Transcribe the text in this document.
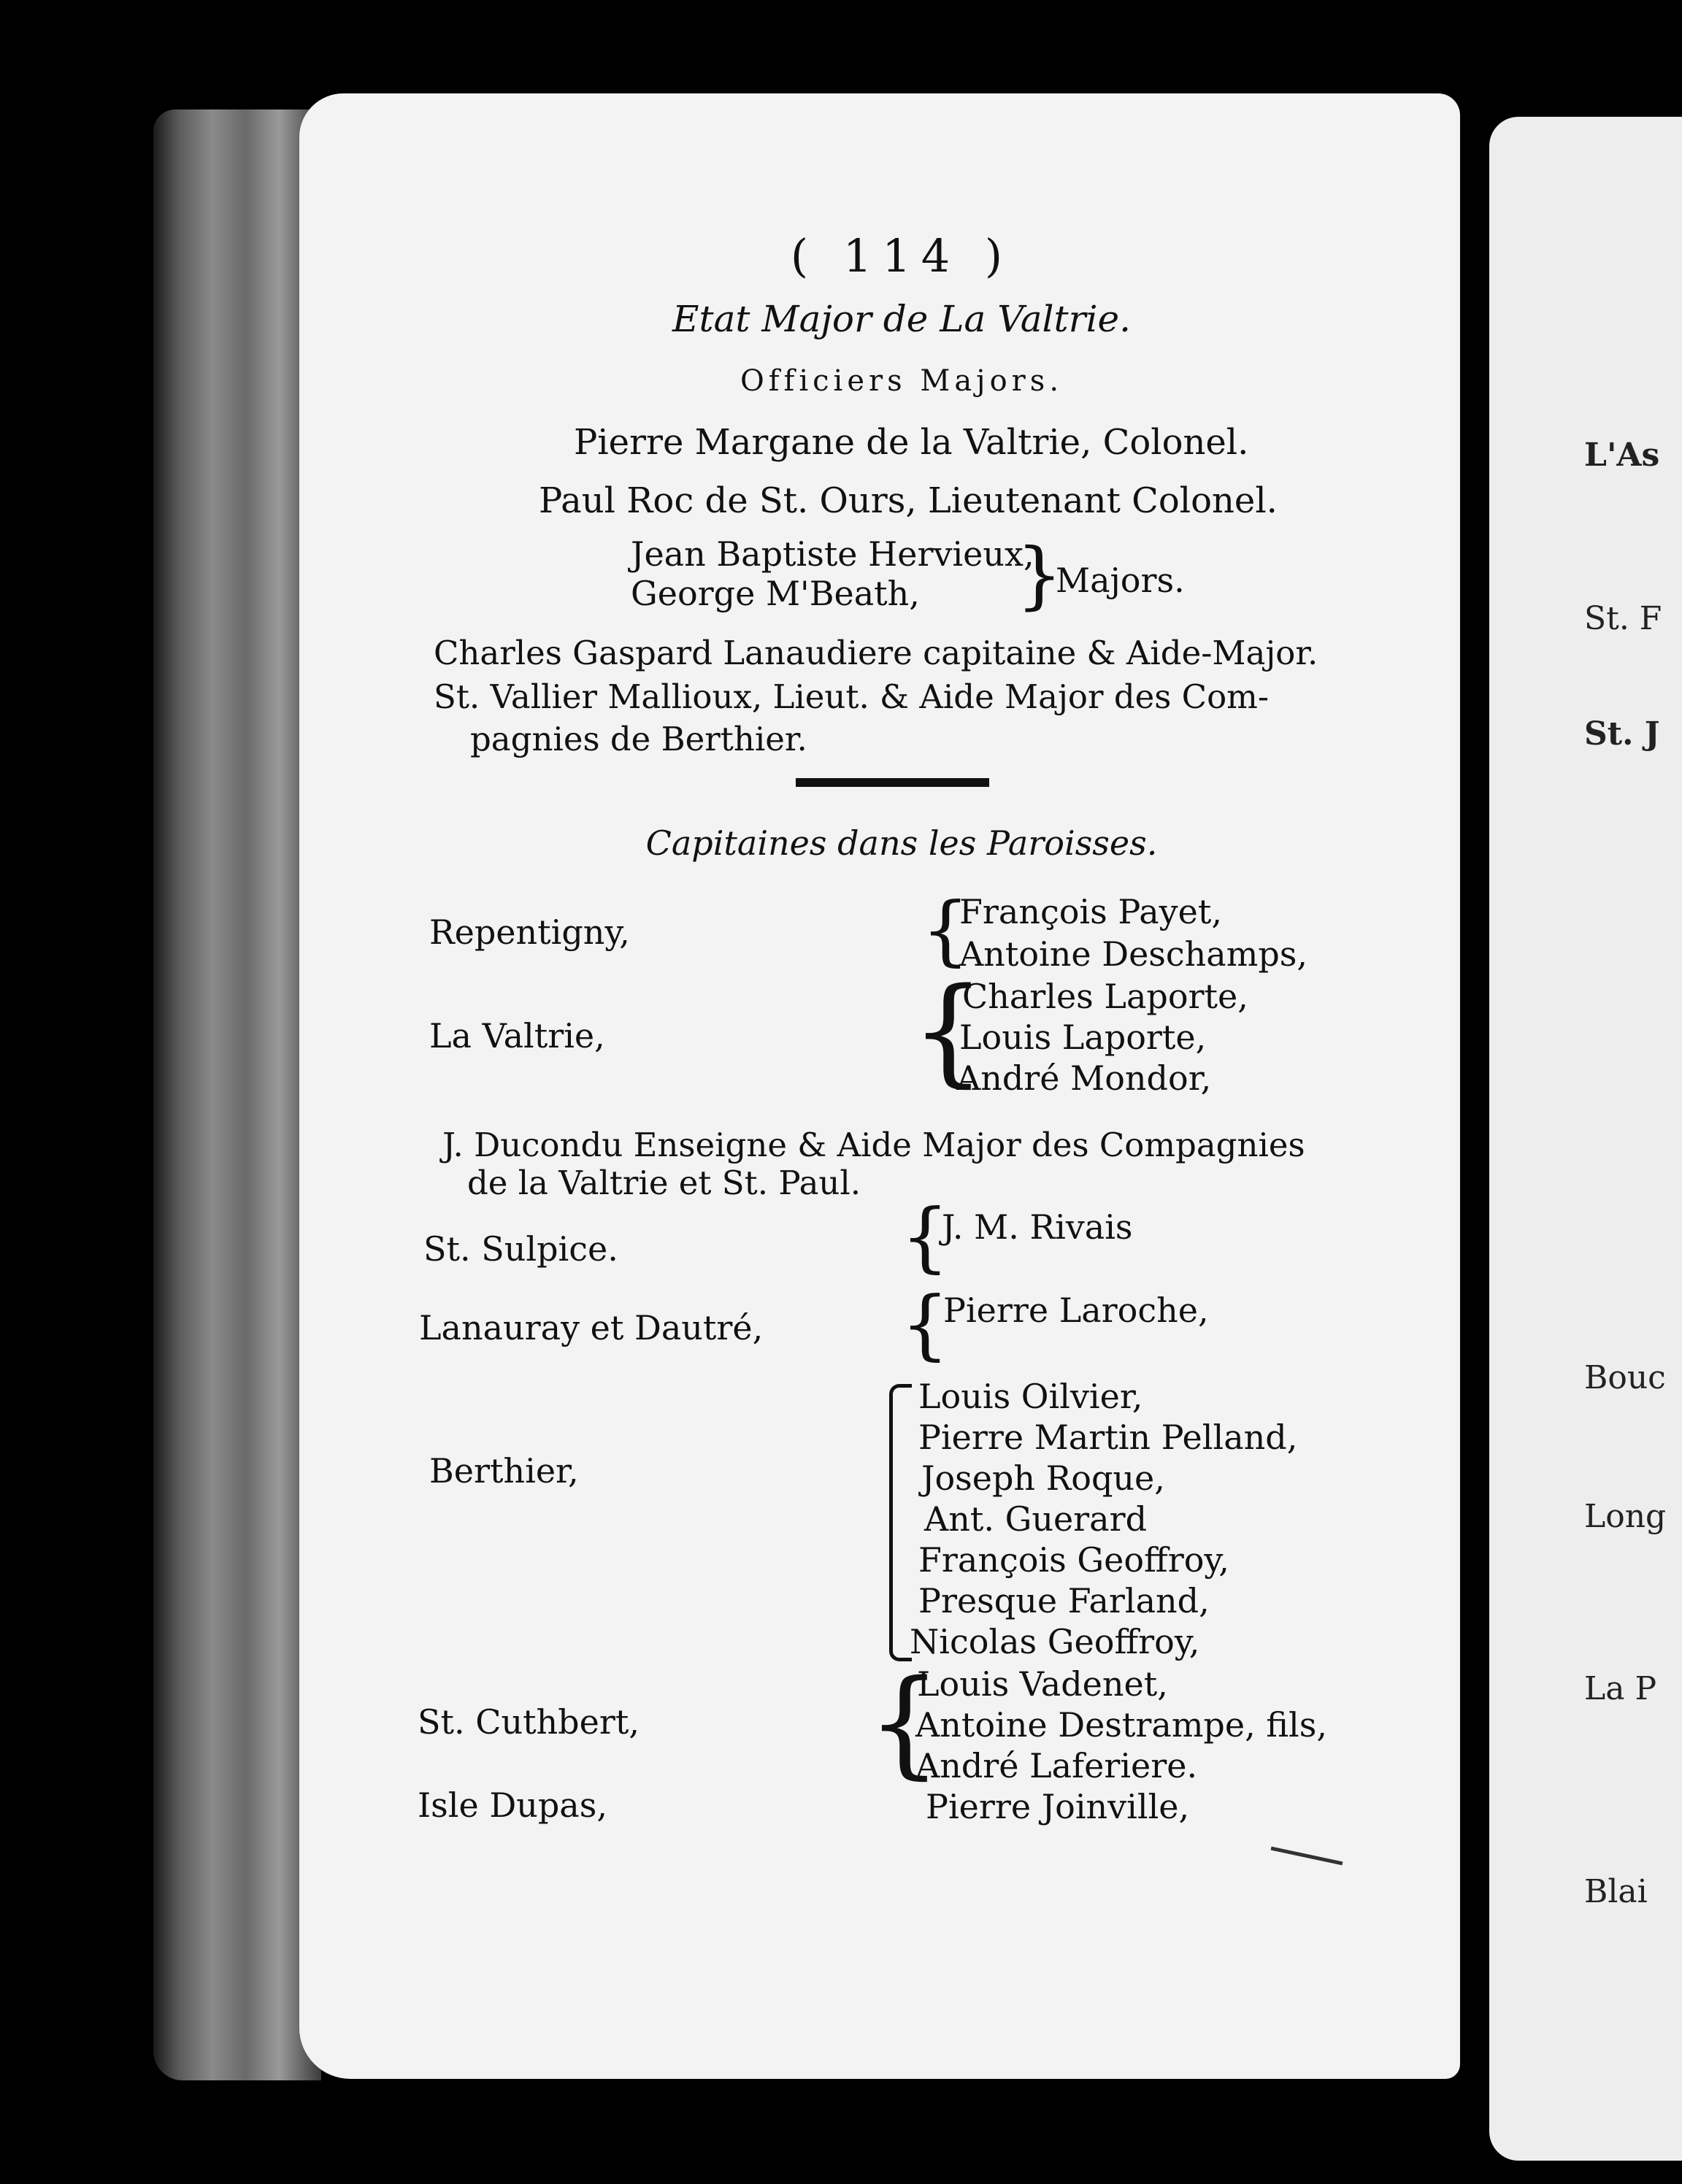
L'As
St. F
St. J
Bouc
Long
La P
Blai
( 114 )
Etat Major de La Valtrie.
Officiers Majors.
Pierre Margane de la Valtrie, Colonel.
Paul Roc de St. Ours, Lieutenant Colonel.
Jean Baptiste Hervieux,
George M'Beath, }
Majors.
Charles Gaspard Lanaudiere capitaine & Aide-Major.
St. Vallier Mallioux, Lieut. & Aide Major des Com-
pagnies de Berthier.
Capitaines dans les Paroisses.
Repentigny,	{
François Payet,
Antoine Deschamps,
La Valtrie,	{
Charles Laporte,
Louis Laporte,
André Mondor,
J. Ducondu Enseigne & Aide Major des Compagnies
de la Valtrie et St. Paul.
St. Sulpice.	{
J. M. Rivais
Lanauray et Dautré, {
Pierre Laroche,
Berthier,
Louis Oilvier,
Pierre Martin Pelland,
Joseph Roque,
Ant. Guerard
François Geoffroy,
Presque Farland,
Nicolas Geoffroy,
St. Cuthbert, {
Louis Vadenet,
Antoine Destrampe, fils,
André Laferiere.
Isle Dupas,	Pierre Joinville,
